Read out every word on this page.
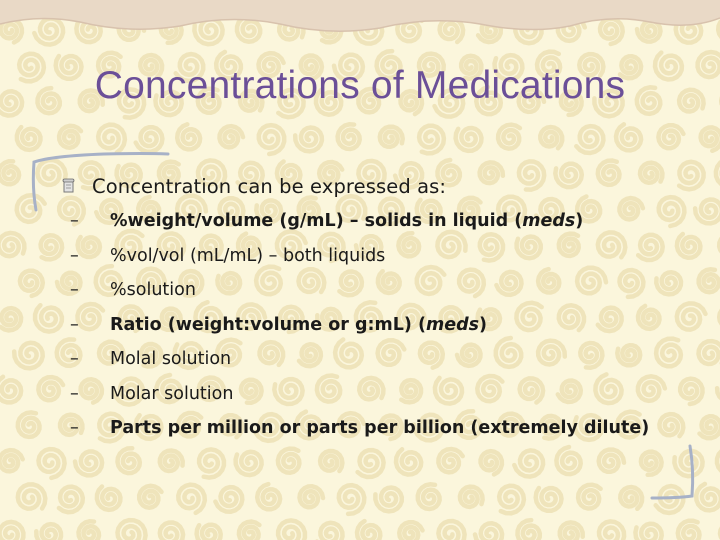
Concentrations of Medications
Concentration can be expressed as:
–	%weight/volume (g/mL) – solids in liquid (meds)
–	%vol/vol (mL/mL) – both liquids
–	%solution
–	Ratio (weight:volume or g:mL) (meds)
–	Molal solution
–	Molar solution
–	Parts per million or parts per billion (extremely dilute)
